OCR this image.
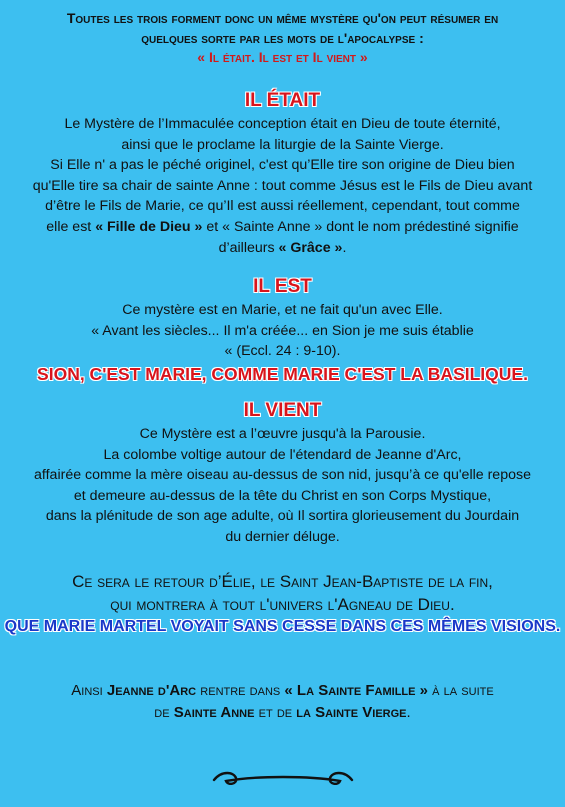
Toutes les trois forment donc un même mystère qu'on peut résumer en
quelques sorte par les mots de l'apocalypse :
« Il était. Il est et Il vient »
IL ÉTAIT
Le Mystère de l’Immaculée conception était en Dieu de toute éternité,
ainsi que le proclame la liturgie de la Sainte Vierge.
Si Elle n' a pas le péché originel, c'est qu’Elle tire son origine de Dieu bien
qu'Elle tire sa chair de sainte Anne : tout comme Jésus est le Fils de Dieu avant
d’être le Fils de Marie, ce qu’Il est aussi réellement, cependant, tout comme
elle est « Fille de Dieu » et « Sainte Anne » dont le nom prédestiné signifie
d’ailleurs « Grâce ».
IL EST
Ce mystère est en Marie, et ne fait qu'un avec Elle.
« Avant les siècles... Il m'a créée... en Sion je me suis établie
« (Eccl. 24 : 9-10).
SION, C'EST MARIE, COMME MARIE C'EST LA BASILIQUE.
IL VIENT
Ce Mystère est a l’œuvre jusqu'à la Parousie.
La colombe voltige autour de l'étendard de Jeanne d'Arc,
affairée comme la mère oiseau au-dessus de son nid, jusqu’à ce qu'elle repose
et demeure au-dessus de la tête du Christ en son Corps Mystique,
dans la plénitude de son age adulte, où Il sortira glorieusement du Jourdain
du dernier déluge.
Ce sera le retour d’Élie, le Saint Jean-Baptiste de la fin,
qui montrera à tout l'univers l'Agneau de Dieu.
QUE MARIE MARTEL VOYAIT SANS CESSE DANS CES MÊMES VISIONS.
Ainsi Jeanne d'Arc rentre dans « La Sainte Famille » à la suite
de Sainte Anne et de la Sainte Vierge.
